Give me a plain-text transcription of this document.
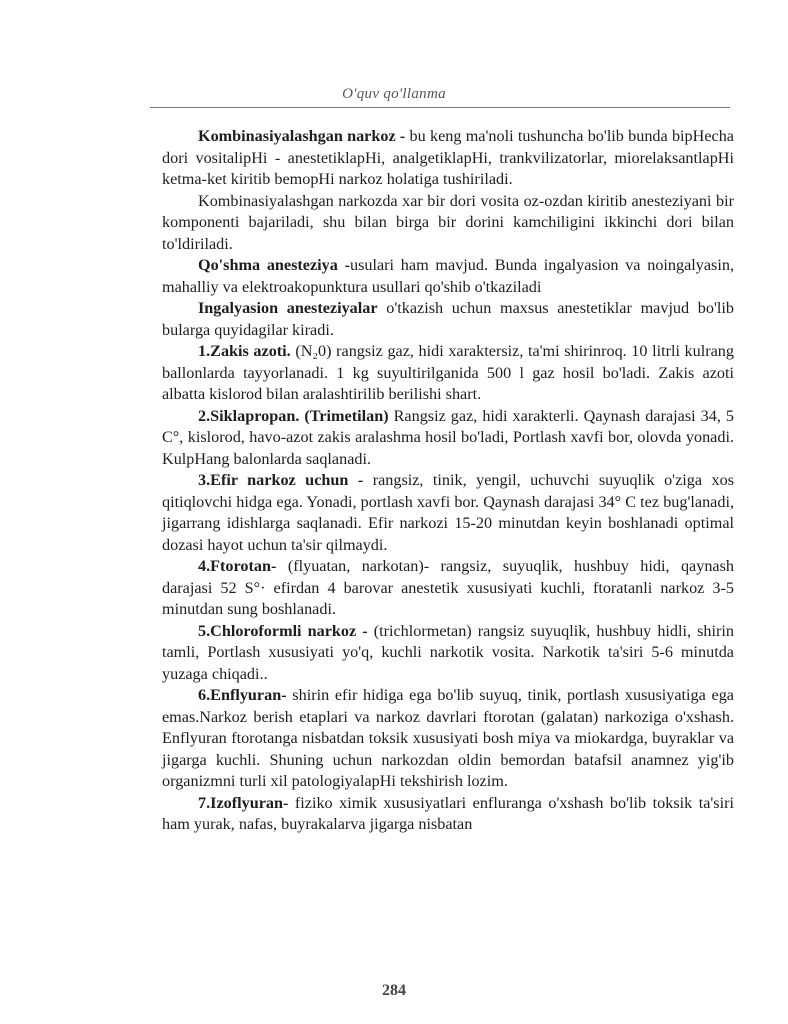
O'quv qo'llanma

Kombinasiyalashgan narkoz - bu keng ma'noli tushuncha bo'lib bunda bipHecha dori vositalipHi - anestetiklapHi, analgetiklapHi, trankvilizatorlar, miorelaksantlapHi ketma-ket kiritib bemopHi narkoz holatiga tushiriladi.

Kombinasiyalashgan narkozda xar bir dori vosita oz-ozdan kiritib anesteziyani bir komponenti bajariladi, shu bilan birga bir dorini kamchiligini ikkinchi dori bilan to'ldiriladi.

Qo'shma anesteziya -usulari ham mavjud. Bunda ingalyasion va noingalyasin, mahalliy va elektroakopunktura usullari qo'shib o'tkaziladi

Ingalyasion anesteziyalar o'tkazish uchun maxsus anestetiklar mavjud bo'lib bularga quyidagilar kiradi.

1.Zakis azoti. (N₂0) rangsiz gaz, hidi xaraktersiz, ta'mi shirinroq. 10 litrli kulrang ballonlarda tayyorlanadi. 1 kg suyultirilganida 500 l gaz hosil bo'ladi. Zakis azoti albatta kislorod bilan aralashtirilib berilishi shart.

2.Siklapropan. (Trimetilan) Rangsiz gaz, hidi xarakterli. Qaynash darajasi 34, 5 C°, kislorod, havo-azot zakis aralashma hosil bo'ladi, Portlash xavfi bor, olovda yonadi. KulpHang balonlarda saqlanadi.

3.Efir narkoz uchun - rangsiz, tinik, yengil, uchuvchi suyuqlik o'ziga xos qitiqlovchi hidga ega. Yonadi, portlash xavfi bor. Qaynash darajasi 34° C tez bug'lanadi, jigarrang idishlarga saqlanadi. Efir narkozi 15-20 minutdan keyin boshlanadi optimal dozasi hayot uchun ta'sir qilmaydi.

4.Ftorotan- (flyuatan, narkotan)- rangsiz, suyuqlik, hushbuy hidi, qaynash darajasi 52 S°· efirdan 4 barovar anestetik xususiyati kuchli, ftoratanli narkoz 3-5 minutdan sung boshlanadi.

5.Chloroformli narkoz - (trichlormetan) rangsiz suyuqlik, hushbuy hidli, shirin tamli, Portlash xususiyati yo'q, kuchli narkotik vosita. Narkotik ta'siri 5-6 minutda yuzaga chiqadi..

6.Enflyuran- shirin efir hidiga ega bo'lib suyuq, tinik, portlash xususiyatiga ega emas.Narkoz berish etaplari va narkoz davrlari ftorotan (galatan) narkoziga o'xshash. Enflyuran ftorotanga nisbatdan toksik xususiyati bosh miya va miokardga, buyraklar va jigarga kuchli. Shuning uchun narkozdan oldin bemordan batafsil anamnez yig'ib organizmni turli xil patologiyalapHi tekshirish lozim.

7.Izoflyuran- fiziko ximik xususiyatlari enfluranga o'xshash bo'lib toksik ta'siri ham yurak, nafas, buyrakalarva jigarga nisbatan

284
